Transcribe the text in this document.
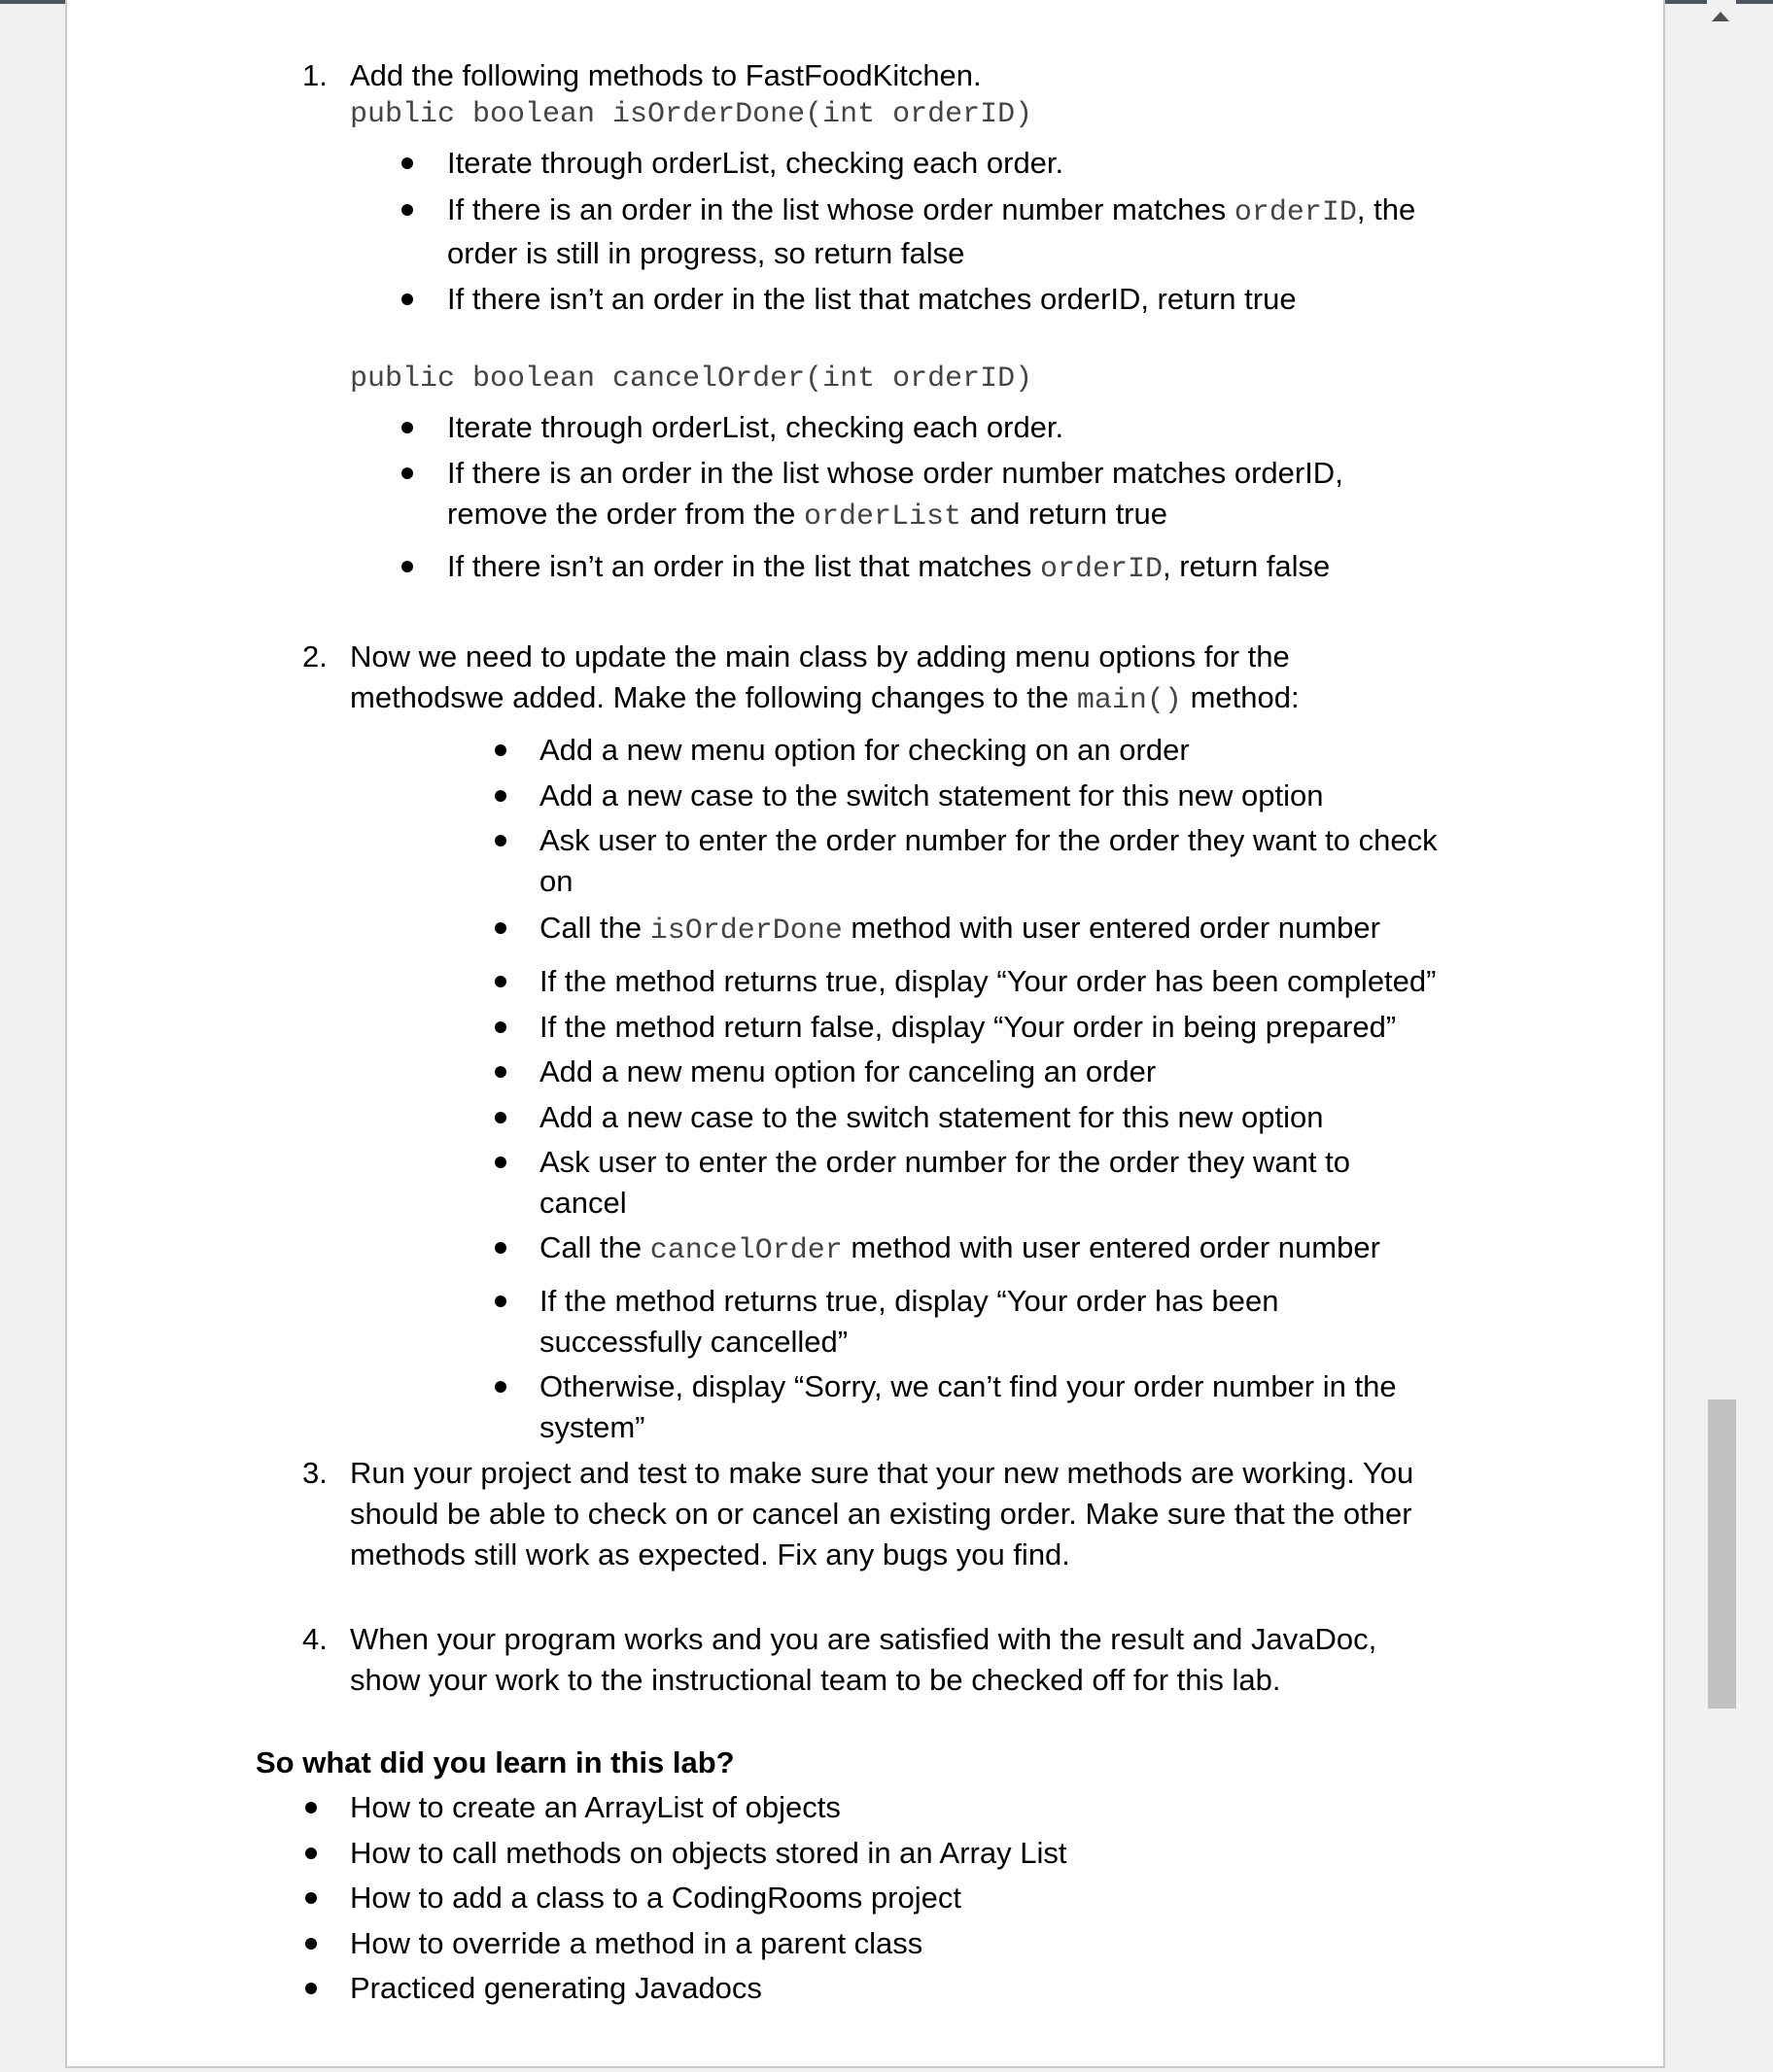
1. Add the following methods to FastFoodKitchen.
public boolean isOrderDone(int orderID)
Iterate through orderList, checking each order.
If there is an order in the list whose order number matches orderID, the
order is still in progress, so return false
If there isn’t an order in the list that matches orderID, return true
public boolean cancelOrder(int orderID)
Iterate through orderList, checking each order.
If there is an order in the list whose order number matches orderID,
remove the order from the orderList and return true
If there isn’t an order in the list that matches orderID, return false
2. Now we need to update the main class by adding menu options for the
methodswe added. Make the following changes to the main() method:
Add a new menu option for checking on an order
Add a new case to the switch statement for this new option
Ask user to enter the order number for the order they want to check
on
Call the isOrderDone method with user entered order number
If the method returns true, display “Your order has been completed”
If the method return false, display “Your order in being prepared”
Add a new menu option for canceling an order
Add a new case to the switch statement for this new option
Ask user to enter the order number for the order they want to
cancel
Call the cancelOrder method with user entered order number
If the method returns true, display “Your order has been
successfully cancelled”
Otherwise, display “Sorry, we can’t find your order number in the
system”
3. Run your project and test to make sure that your new methods are working. You
should be able to check on or cancel an existing order. Make sure that the other
methods still work as expected. Fix any bugs you find.
4. When your program works and you are satisfied with the result and JavaDoc,
show your work to the instructional team to be checked off for this lab.
So what did you learn in this lab?
How to create an ArrayList of objects
How to call methods on objects stored in an Array List
How to add a class to a CodingRooms project
How to override a method in a parent class
Practiced generating Javadocs
